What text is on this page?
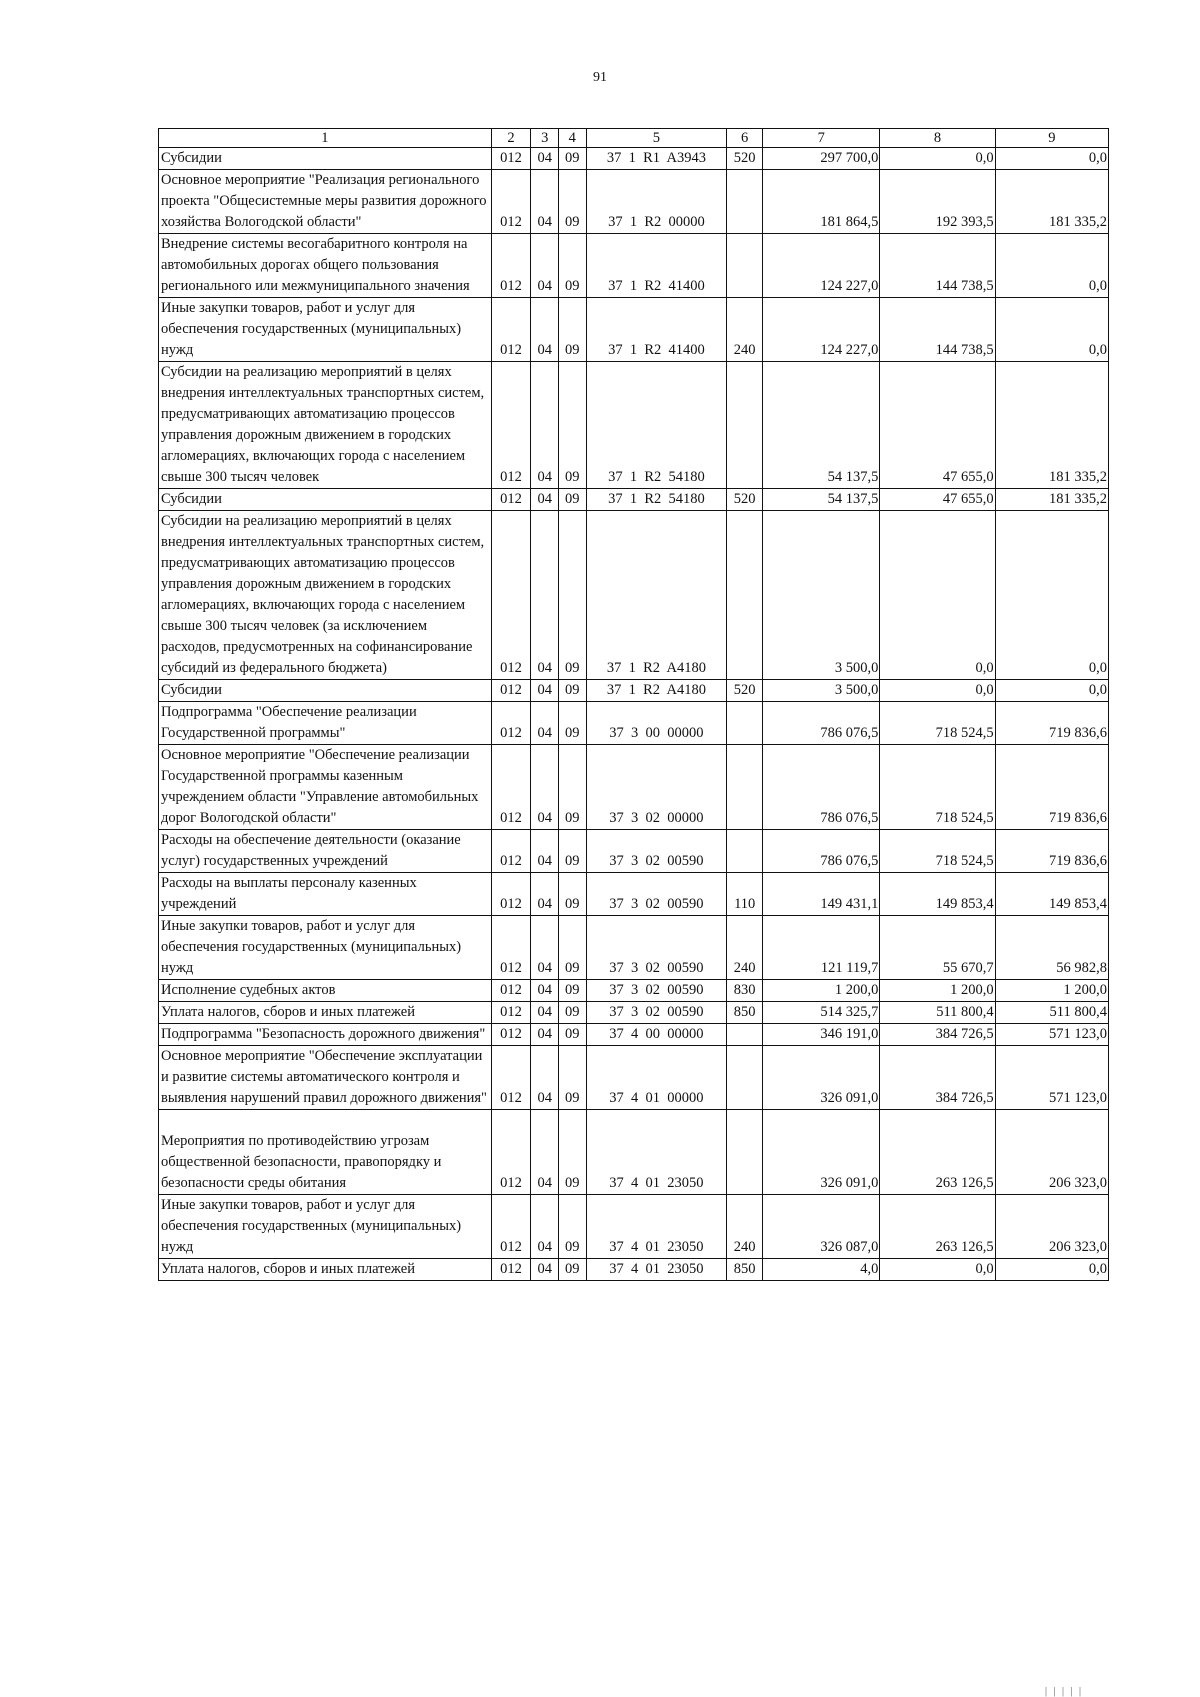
91
1	2	3	4	5	6	7	8	9
Субсидии	012	04	09	37  1  R1  A3943	520	297 700,0	0,0	0,0
Основное мероприятие "Реализация регионального проекта "Общесистемные меры развития дорожного хозяйства Вологодской области"	012	04	09	37  1  R2  00000		181 864,5	192 393,5	181 335,2
Внедрение системы весогабаритного контроля на автомобильных дорогах общего пользования регионального или межмуниципального значения	012	04	09	37  1  R2  41400		124 227,0	144 738,5	0,0
Иные закупки товаров, работ и услуг для обеспечения государственных (муниципальных) нужд	012	04	09	37  1  R2  41400	240	124 227,0	144 738,5	0,0
Субсидии на реализацию мероприятий в целях внедрения интеллектуальных транспортных систем, предусматривающих автоматизацию процессов управления дорожным движением в городских агломерациях, включающих города с населением свыше 300 тысяч человек	012	04	09	37  1  R2  54180		54 137,5	47 655,0	181 335,2
Субсидии	012	04	09	37  1  R2  54180	520	54 137,5	47 655,0	181 335,2
Субсидии на реализацию мероприятий в целях внедрения интеллектуальных транспортных систем, предусматривающих автоматизацию процессов управления дорожным движением в городских агломерациях, включающих города с населением свыше 300 тысяч человек (за исключением расходов, предусмотренных на софинансирование субсидий из федерального бюджета)	012	04	09	37  1  R2  A4180		3 500,0	0,0	0,0
Субсидии	012	04	09	37  1  R2  A4180	520	3 500,0	0,0	0,0
Подпрограмма "Обеспечение реализации Государственной программы"	012	04	09	37  3  00  00000		786 076,5	718 524,5	719 836,6
Основное мероприятие "Обеспечение реализации Государственной программы казенным учреждением области "Управление автомобильных дорог Вологодской области"	012	04	09	37  3  02  00000		786 076,5	718 524,5	719 836,6
Расходы на обеспечение деятельности (оказание услуг) государственных учреждений	012	04	09	37  3  02  00590		786 076,5	718 524,5	719 836,6
Расходы на выплаты персоналу казенных учреждений	012	04	09	37  3  02  00590	110	149 431,1	149 853,4	149 853,4
Иные закупки товаров, работ и услуг для обеспечения государственных (муниципальных) нужд	012	04	09	37  3  02  00590	240	121 119,7	55 670,7	56 982,8
Исполнение судебных актов	012	04	09	37  3  02  00590	830	1 200,0	1 200,0	1 200,0
Уплата налогов, сборов и иных платежей	012	04	09	37  3  02  00590	850	514 325,7	511 800,4	511 800,4
Подпрограмма "Безопасность дорожного движения"	012	04	09	37  4  00  00000		346 191,0	384 726,5	571 123,0
Основное мероприятие "Обеспечение эксплуатации и развитие системы автоматического контроля и выявления нарушений правил дорожного движения"	012	04	09	37  4  01  00000		326 091,0	384 726,5	571 123,0
Мероприятия по противодействию угрозам общественной безопасности, правопорядку и безопасности среды обитания	012	04	09	37  4  01  23050		326 091,0	263 126,5	206 323,0
Иные закупки товаров, работ и услуг для обеспечения государственных (муниципальных) нужд	012	04	09	37  4  01  23050	240	326 087,0	263 126,5	206 323,0
Уплата налогов, сборов и иных платежей	012	04	09	37  4  01  23050	850	4,0	0,0	0,0
| | | | |
